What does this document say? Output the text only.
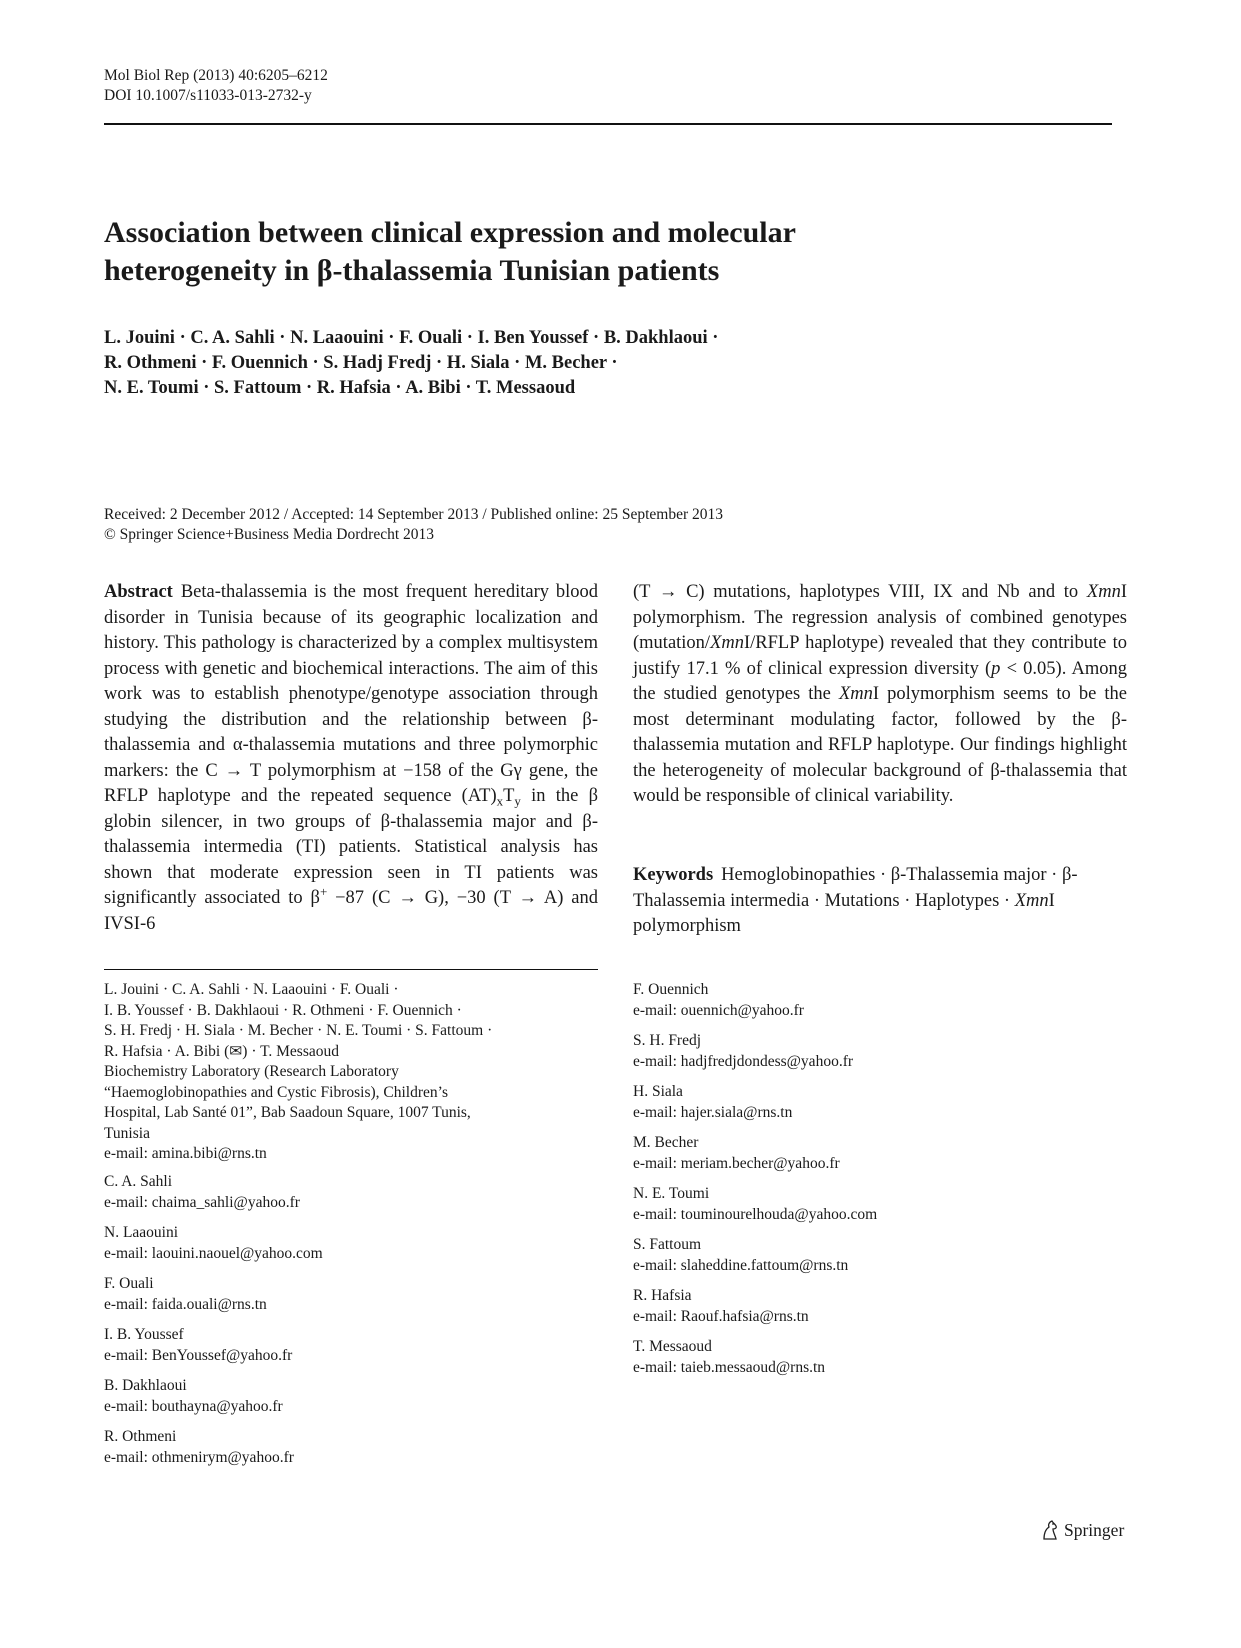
Mol Biol Rep (2013) 40:6205–6212
DOI 10.1007/s11033-013-2732-y
Association between clinical expression and molecular
heterogeneity in β-thalassemia Tunisian patients
L. Jouini · C. A. Sahli · N. Laaouini · F. Ouali · I. Ben Youssef · B. Dakhlaoui ·
R. Othmeni · F. Ouennich · S. Hadj Fredj · H. Siala · M. Becher ·
N. E. Toumi · S. Fattoum · R. Hafsia · A. Bibi · T. Messaoud
Received: 2 December 2012 / Accepted: 14 September 2013 / Published online: 25 September 2013
© Springer Science+Business Media Dordrecht 2013
Abstract Beta-thalassemia is the most frequent hereditary blood disorder in Tunisia because of its geographic localization and history. This pathology is characterized by a complex multisystem process with genetic and biochemical interactions. The aim of this work was to establish phenotype/genotype association through studying the distribution and the relationship between β-thalassemia and α-thalassemia mutations and three polymorphic markers: the C → T polymorphism at −158 of the Gγ gene, the RFLP haplotype and the repeated sequence $(AT)_xT_y$ in the β globin silencer, in two groups of β-thalassemia major and β-thalassemia intermedia (TI) patients. Statistical analysis has shown that moderate expression seen in TI patients was significantly associated to β+ −87 (C → G), −30 (T → A) and IVSI-6
(T → C) mutations, haplotypes VIII, IX and Nb and to XmnI polymorphism. The regression analysis of combined genotypes (mutation/XmnI/RFLP haplotype) revealed that they contribute to justify 17.1 % of clinical expression diversity (p < 0.05). Among the studied genotypes the XmnI polymorphism seems to be the most determinant modulating factor, followed by the β-thalassemia mutation and RFLP haplotype. Our findings highlight the heterogeneity of molecular background of β-thalassemia that would be responsible of clinical variability.
Keywords Hemoglobinopathies · β-Thalassemia major · β-Thalassemia intermedia · Mutations · Haplotypes · XmnI polymorphism
L. Jouini · C. A. Sahli · N. Laaouini · F. Ouali ·
I. B. Youssef · B. Dakhlaoui · R. Othmeni · F. Ouennich ·
S. H. Fredj · H. Siala · M. Becher · N. E. Toumi · S. Fattoum ·
R. Hafsia · A. Bibi (✉) · T. Messaoud
Biochemistry Laboratory (Research Laboratory
“Haemoglobinopathies and Cystic Fibrosis), Children’s
Hospital, Lab Santé 01”, Bab Saadoun Square, 1007 Tunis,
Tunisia
e-mail: amina.bibi@rns.tn
C. A. Sahli
e-mail: chaima_sahli@yahoo.fr
N. Laaouini
e-mail: laouini.naouel@yahoo.com
F. Ouali
e-mail: faida.ouali@rns.tn
I. B. Youssef
e-mail: BenYoussef@yahoo.fr
B. Dakhlaoui
e-mail: bouthayna@yahoo.fr
R. Othmeni
e-mail: othmenirym@yahoo.fr
F. Ouennich
e-mail: ouennich@yahoo.fr
S. H. Fredj
e-mail: hadjfredjdondess@yahoo.fr
H. Siala
e-mail: hajer.siala@rns.tn
M. Becher
e-mail: meriam.becher@yahoo.fr
N. E. Toumi
e-mail: touminourelhouda@yahoo.com
S. Fattoum
e-mail: slaheddine.fattoum@rns.tn
R. Hafsia
e-mail: Raouf.hafsia@rns.tn
T. Messaoud
e-mail: taieb.messaoud@rns.tn
Springer
